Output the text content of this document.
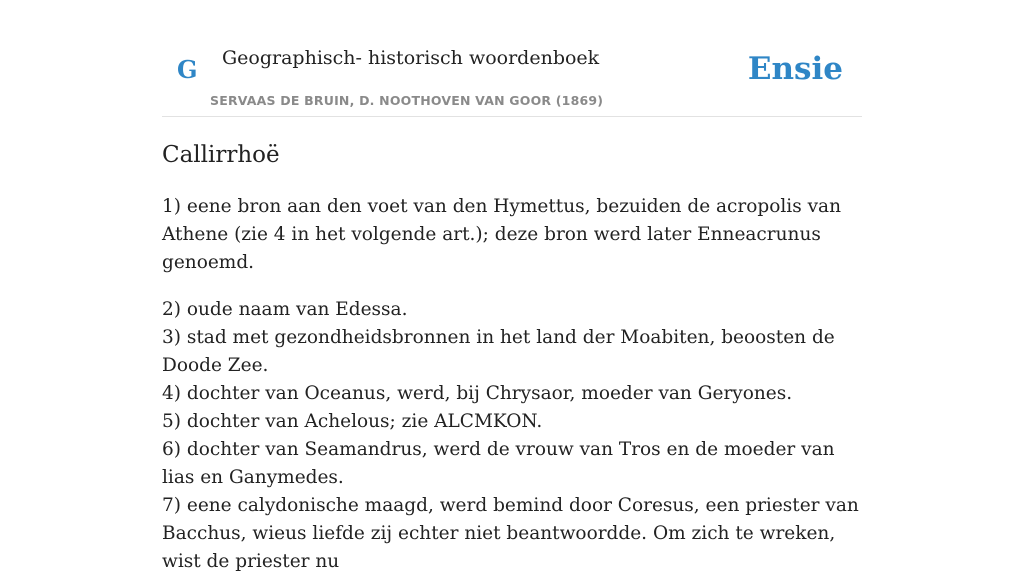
G Geographisch- historisch woordenboek
SERVAAS DE BRUIN, D. NOOTHOVEN VAN GOOR (1869)
Ensie
Callirrhoë

1) eene bron aan den voet van den Hymettus, bezuiden de acropolis van Athene (zie 4 in het volgende art.); deze bron werd later Enneacrunus genoemd.

2) oude naam van Edessa.
3) stad met gezondheidsbronnen in het land der Moabiten, beoosten de Doode Zee.
4) dochter van Oceanus, werd, bij Chrysaor, moeder van Geryones.
5) dochter van Achelous; zie ALCMKON.
6) dochter van Seamandrus, werd de vrouw van Tros en de moeder van lias en Ganymedes.
7) eene calydonische maagd, werd bemind door Coresus, een priester van Bacchus, wieus liefde zij echter niet beantwoordde. Om zich te wreken, wist de priester nu
